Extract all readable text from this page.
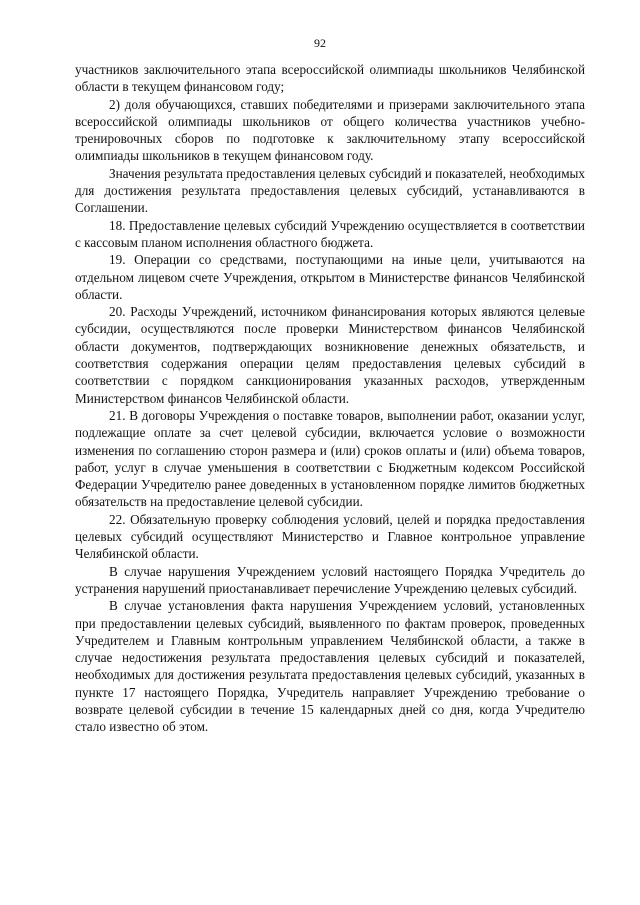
92

участников заключительного этапа всероссийской олимпиады школьников Челябинской области в текущем финансовом году;

2) доля обучающихся, ставших победителями и призерами заключительного этапа всероссийской олимпиады школьников от общего количества участников учебно-тренировочных сборов по подготовке к заключительному этапу всероссийской олимпиады школьников в текущем финансовом году.

Значения результата предоставления целевых субсидий и показателей, необходимых для достижения результата предоставления целевых субсидий, устанавливаются в Соглашении.

18. Предоставление целевых субсидий Учреждению осуществляется в соответствии с кассовым планом исполнения областного бюджета.

19. Операции со средствами, поступающими на иные цели, учитываются на отдельном лицевом счете Учреждения, открытом в Министерстве финансов Челябинской области.

20. Расходы Учреждений, источником финансирования которых являются целевые субсидии, осуществляются после проверки Министерством финансов Челябинской области документов, подтверждающих возникновение денежных обязательств, и соответствия содержания операции целям предоставления целевых субсидий в соответствии с порядком санкционирования указанных расходов, утвержденным Министерством финансов Челябинской области.

21. В договоры Учреждения о поставке товаров, выполнении работ, оказании услуг, подлежащие оплате за счет целевой субсидии, включается условие о возможности изменения по соглашению сторон размера и (или) сроков оплаты и (или) объема товаров, работ, услуг в случае уменьшения в соответствии с Бюджетным кодексом Российской Федерации Учредителю ранее доведенных в установленном порядке лимитов бюджетных обязательств на предоставление целевой субсидии.

22. Обязательную проверку соблюдения условий, целей и порядка предоставления целевых субсидий осуществляют Министерство и Главное контрольное управление Челябинской области.

В случае нарушения Учреждением условий настоящего Порядка Учредитель до устранения нарушений приостанавливает перечисление Учреждению целевых субсидий.

В случае установления факта нарушения Учреждением условий, установленных при предоставлении целевых субсидий, выявленного по фактам проверок, проведенных Учредителем и Главным контрольным управлением Челябинской области, а также в случае недостижения результата предоставления целевых субсидий и показателей, необходимых для достижения результата предоставления целевых субсидий, указанных в пункте 17 настоящего Порядка, Учредитель направляет Учреждению требование о возврате целевой субсидии в течение 15 календарных дней со дня, когда Учредителю стало известно об этом.
